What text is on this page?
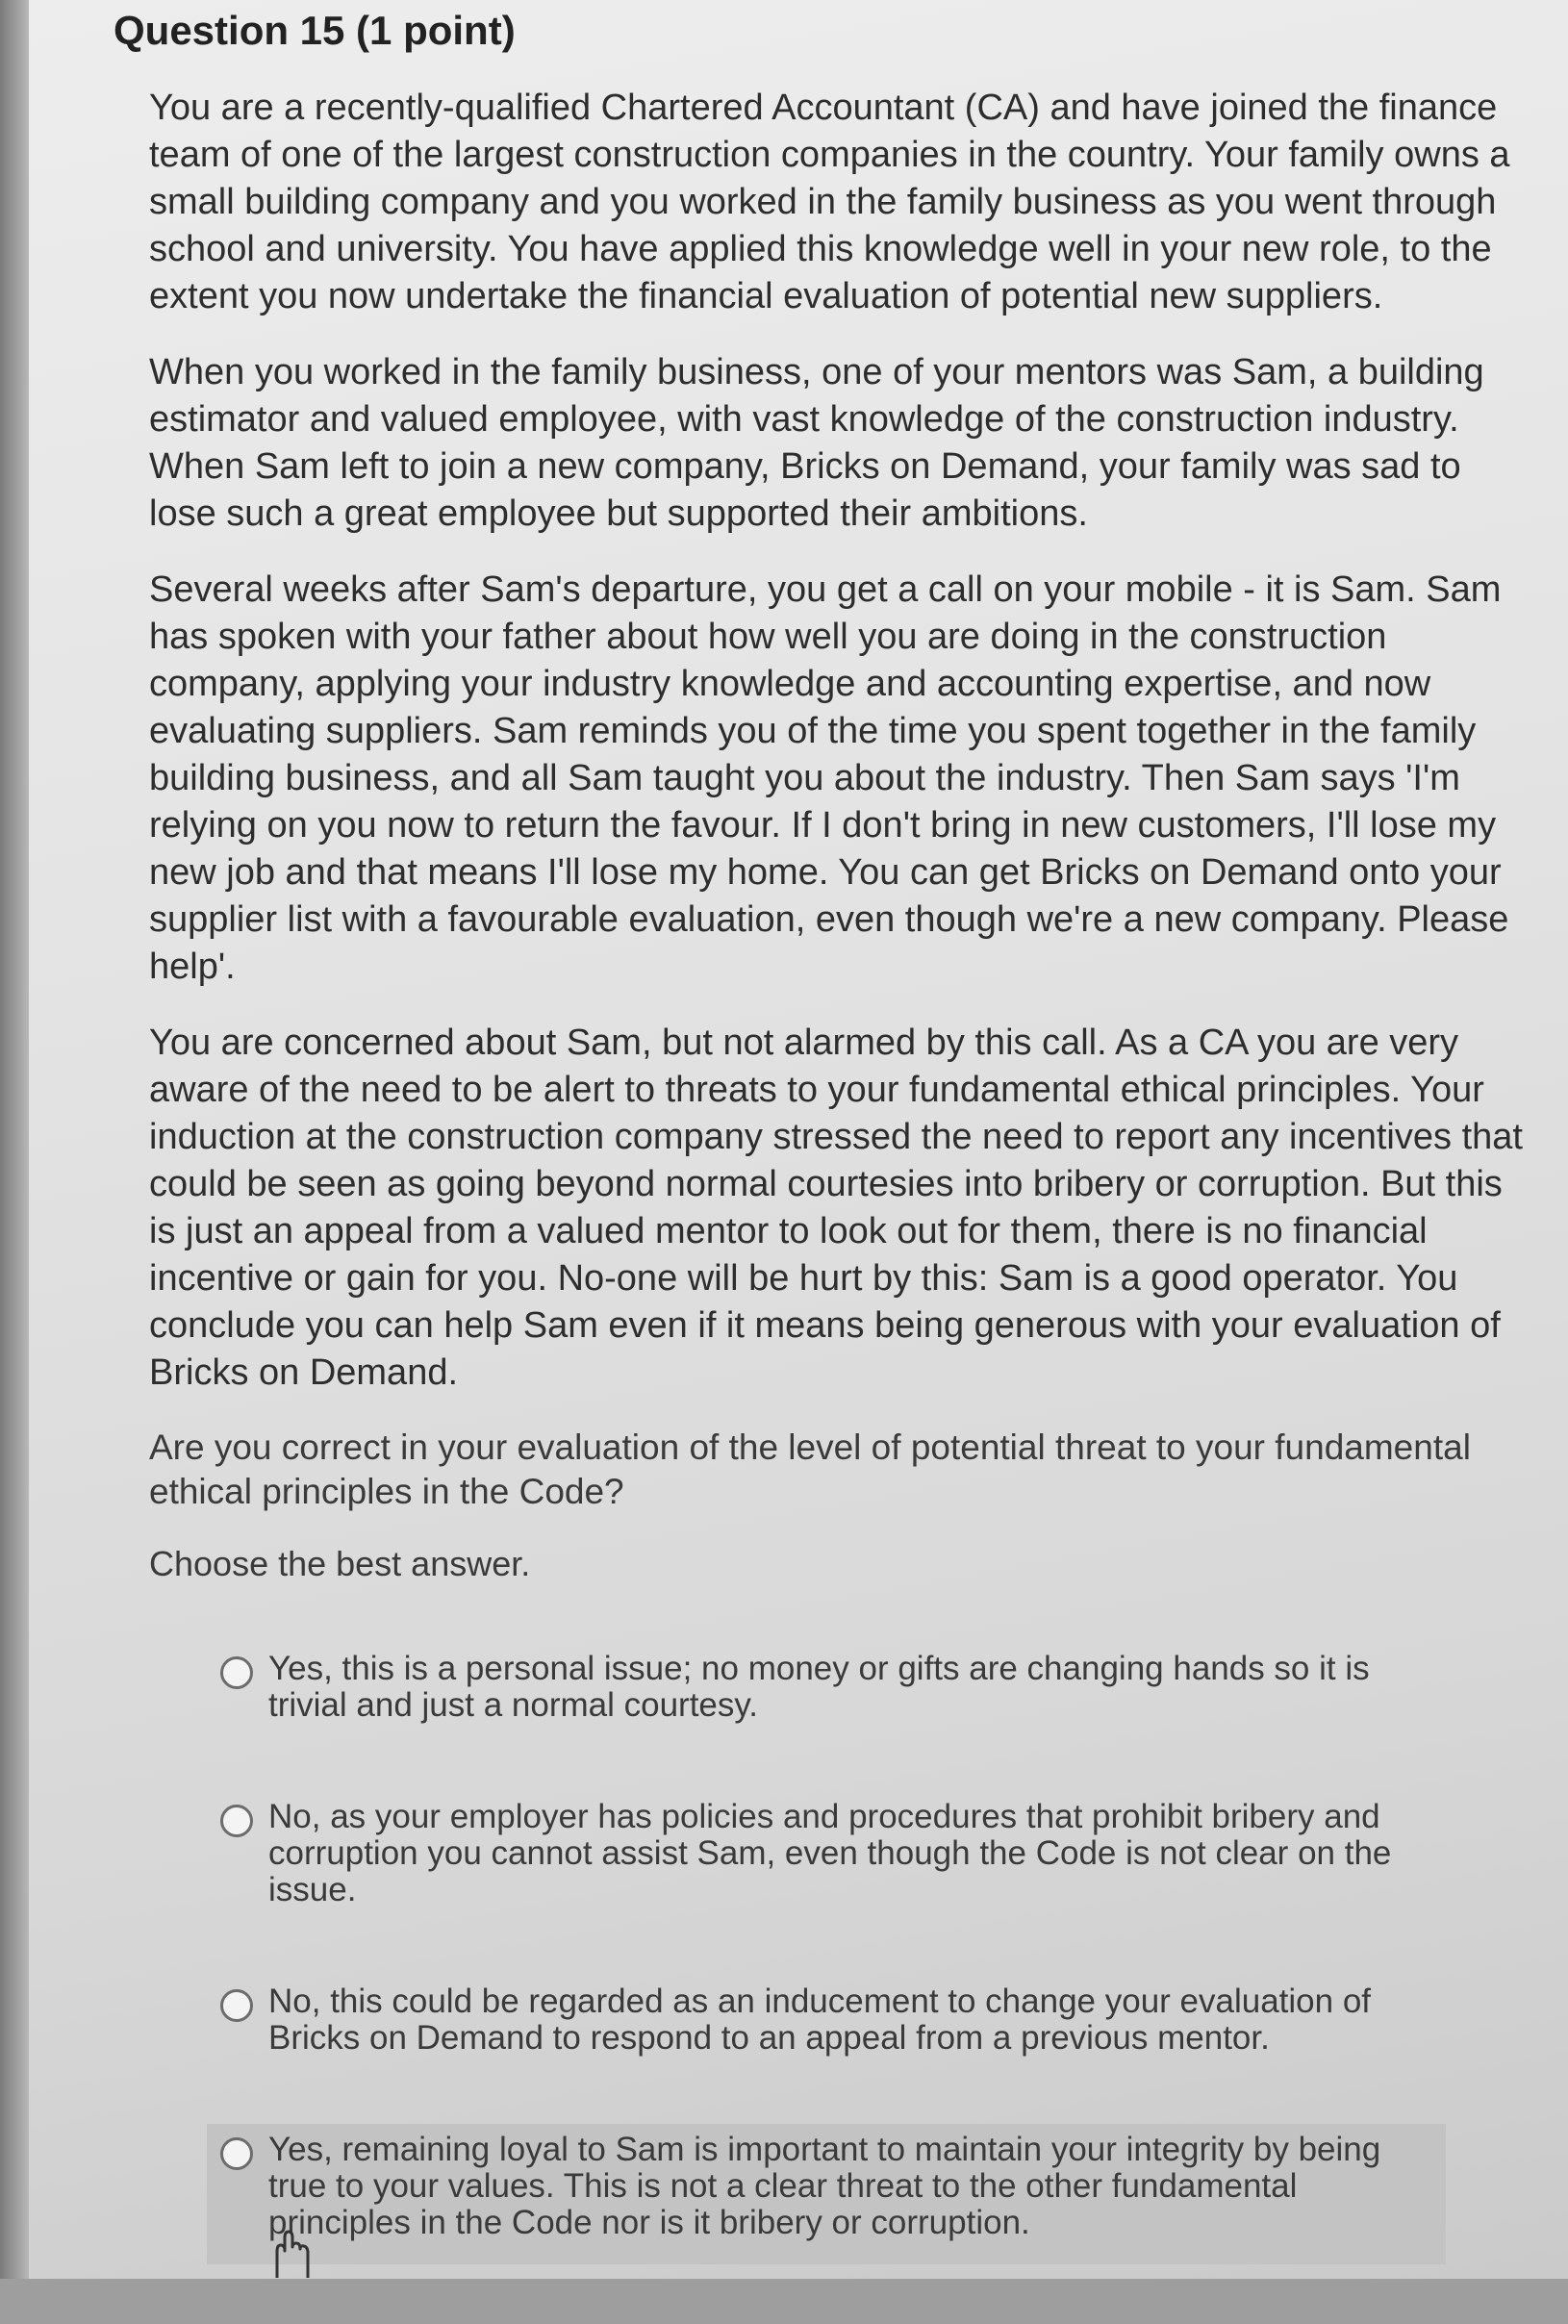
Question 15 (1 point)

You are a recently-qualified Chartered Accountant (CA) and have joined the finance team of one of the largest construction companies in the country. Your family owns a small building company and you worked in the family business as you went through school and university. You have applied this knowledge well in your new role, to the extent you now undertake the financial evaluation of potential new suppliers.

When you worked in the family business, one of your mentors was Sam, a building estimator and valued employee, with vast knowledge of the construction industry. When Sam left to join a new company, Bricks on Demand, your family was sad to lose such a great employee but supported their ambitions.

Several weeks after Sam's departure, you get a call on your mobile - it is Sam. Sam has spoken with your father about how well you are doing in the construction company, applying your industry knowledge and accounting expertise, and now evaluating suppliers. Sam reminds you of the time you spent together in the family building business, and all Sam taught you about the industry. Then Sam says 'I'm relying on you now to return the favour. If I don't bring in new customers, I'll lose my new job and that means I'll lose my home. You can get Bricks on Demand onto your supplier list with a favourable evaluation, even though we're a new company. Please help'.

You are concerned about Sam, but not alarmed by this call. As a CA you are very aware of the need to be alert to threats to your fundamental ethical principles. Your induction at the construction company stressed the need to report any incentives that could be seen as going beyond normal courtesies into bribery or corruption. But this is just an appeal from a valued mentor to look out for them, there is no financial incentive or gain for you. No-one will be hurt by this: Sam is a good operator. You conclude you can help Sam even if it means being generous with your evaluation of Bricks on Demand.

Are you correct in your evaluation of the level of potential threat to your fundamental ethical principles in the Code?

Choose the best answer.

Yes, this is a personal issue; no money or gifts are changing hands so it is trivial and just a normal courtesy.
No, as your employer has policies and procedures that prohibit bribery and corruption you cannot assist Sam, even though the Code is not clear on the issue.
No, this could be regarded as an inducement to change your evaluation of Bricks on Demand to respond to an appeal from a previous mentor.
Yes, remaining loyal to Sam is important to maintain your integrity by being true to your values. This is not a clear threat to the other fundamental principles in the Code nor is it bribery or corruption.
